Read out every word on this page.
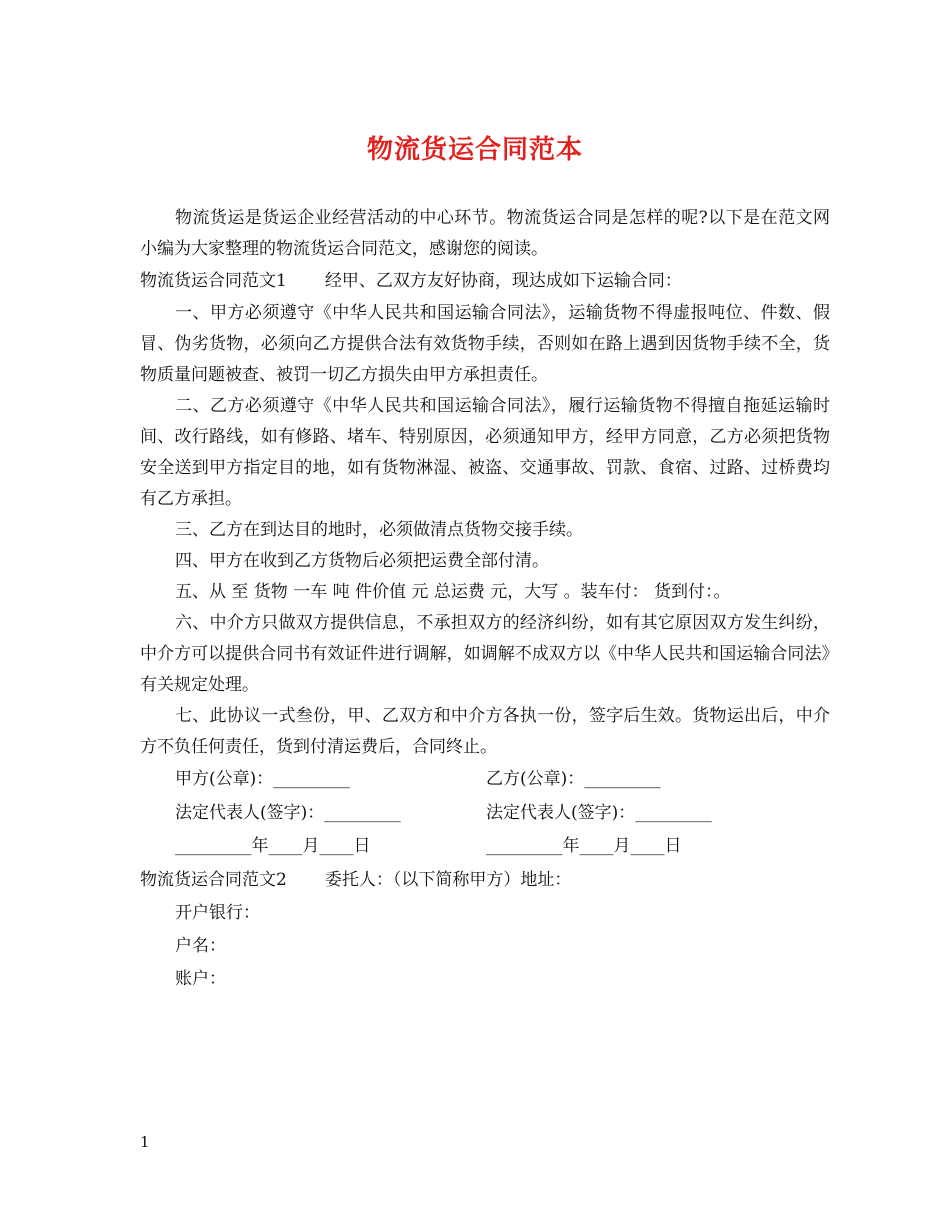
物流货运合同范本

物流货运是货运企业经营活动的中心环节。物流货运合同是怎样的呢?以下是在范文网小编为大家整理的物流货运合同范文，感谢您的阅读。

物流货运合同范文1 经甲、乙双方友好协商，现达成如下运输合同：

一、甲方必须遵守《中华人民共和国运输合同法》，运输货物不得虚报吨位、件数、假冒、伪劣货物，必须向乙方提供合法有效货物手续，否则如在路上遇到因货物手续不全，货物质量问题被查、被罚一切乙方损失由甲方承担责任。

二、乙方必须遵守《中华人民共和国运输合同法》，履行运输货物不得擅自拖延运输时间、改行路线，如有修路、堵车、特别原因，必须通知甲方，经甲方同意，乙方必须把货物安全送到甲方指定目的地，如有货物淋湿、被盗、交通事故、罚款、食宿、过路、过桥费均有乙方承担。

三、乙方在到达目的地时，必须做清点货物交接手续。

四、甲方在收到乙方货物后必须把运费全部付清。

五、从 至 货物 一车 吨 件价值 元 总运费 元，大写 。装车付： 货到付：。

六、中介方只做双方提供信息，不承担双方的经济纠纷，如有其它原因双方发生纠纷，中介方可以提供合同书有效证件进行调解，如调解不成双方以《中华人民共和国运输合同法》有关规定处理。

七、此协议一式叁份，甲、乙双方和中介方各执一份，签字后生效。货物运出后，中介方不负任何责任，货到付清运费后，合同终止。

甲方(公章)：_________	乙方(公章)：_________
法定代表人(签字)：_________	法定代表人(签字)：_________
_________年____月____日	_________年____月____日
物流货运合同范文2 委托人：（以下简称甲方）地址：
开户银行：
户名：
账户：
1
